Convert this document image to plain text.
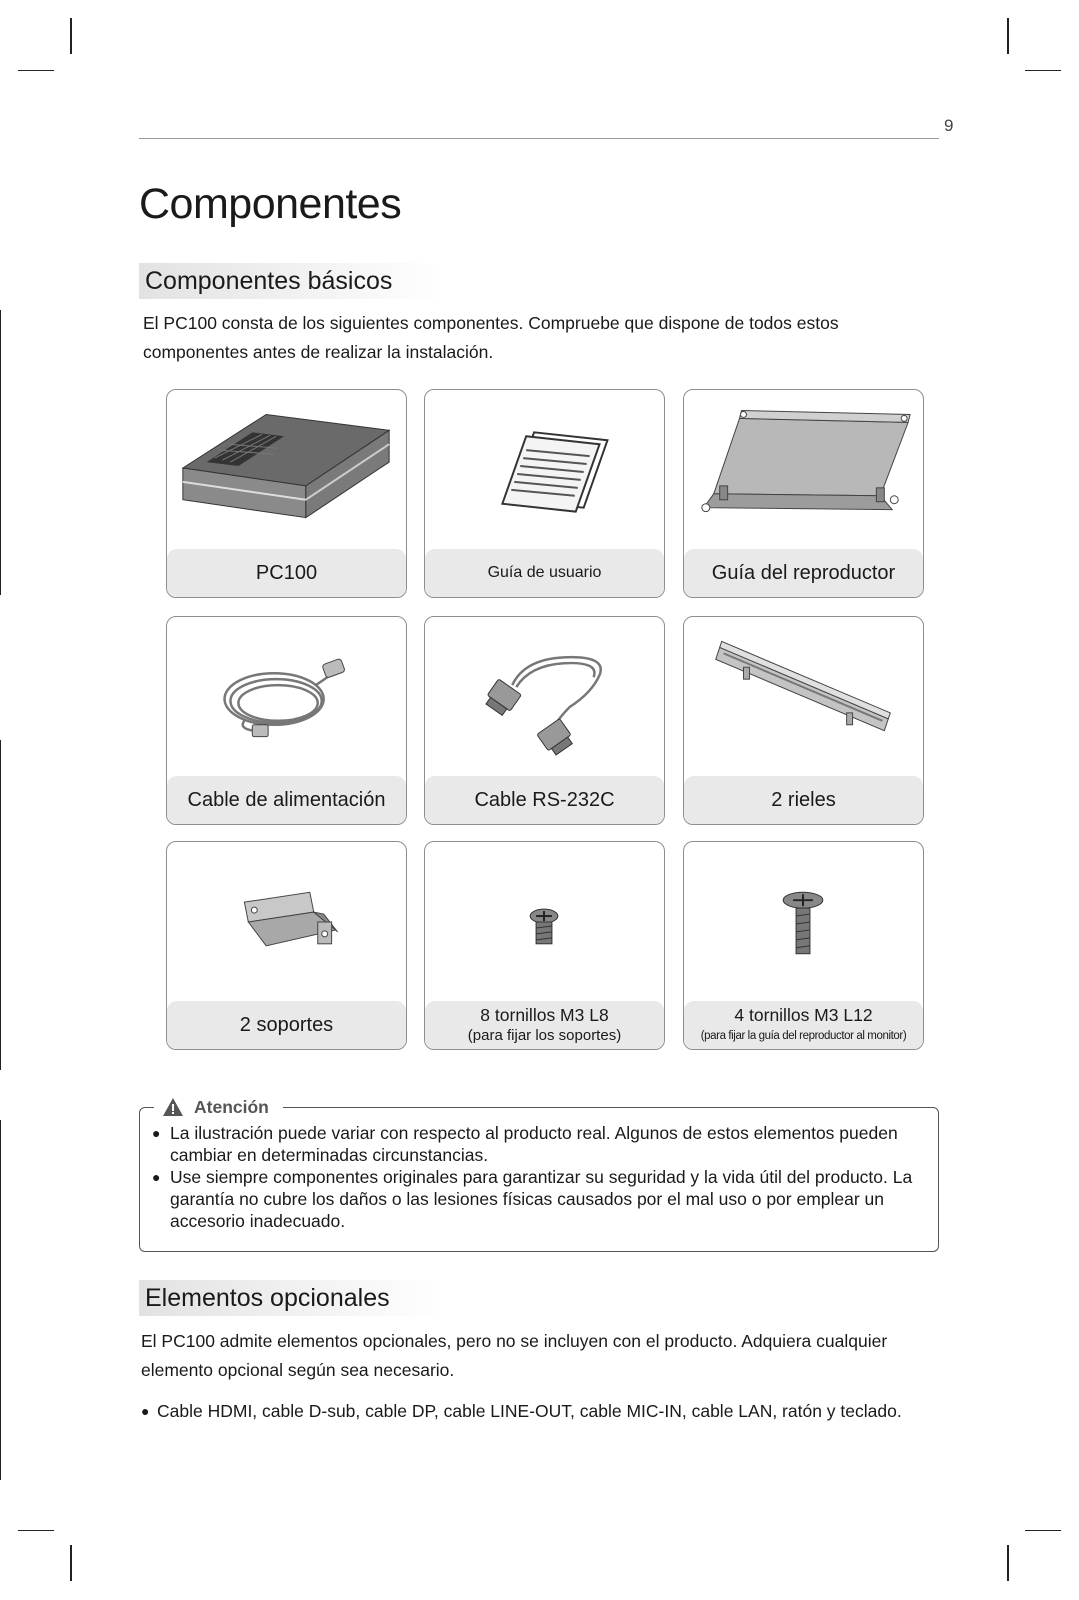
9
Componentes
Componentes básicos

El PC100 consta de los siguientes componentes. Compruebe que dispone de todos estos componentes antes de realizar la instalación.

PC100	Guía de usuario	Guía del reproductor
Cable de alimentación	Cable RS-232C	2 rieles
2 soportes	8 tornillos M3 L8
(para fijar los soportes)
4 tornillos M3 L12
(para fijar la guía del reproductor al monitor)
Atención
● La ilustración puede variar con respecto al producto real. Algunos de estos elementos pueden cambiar en determinadas circunstancias.
● Use siempre componentes originales para garantizar su seguridad y la vida útil del producto. La garantía no cubre los daños o las lesiones físicas causados por el mal uso o por emplear un accesorio inadecuado.
Elementos opcionales

El PC100 admite elementos opcionales, pero no se incluyen con el producto. Adquiera cualquier elemento opcional según sea necesario.

● Cable HDMI, cable D-sub, cable DP, cable LINE-OUT, cable MIC-IN, cable LAN, ratón y teclado.
